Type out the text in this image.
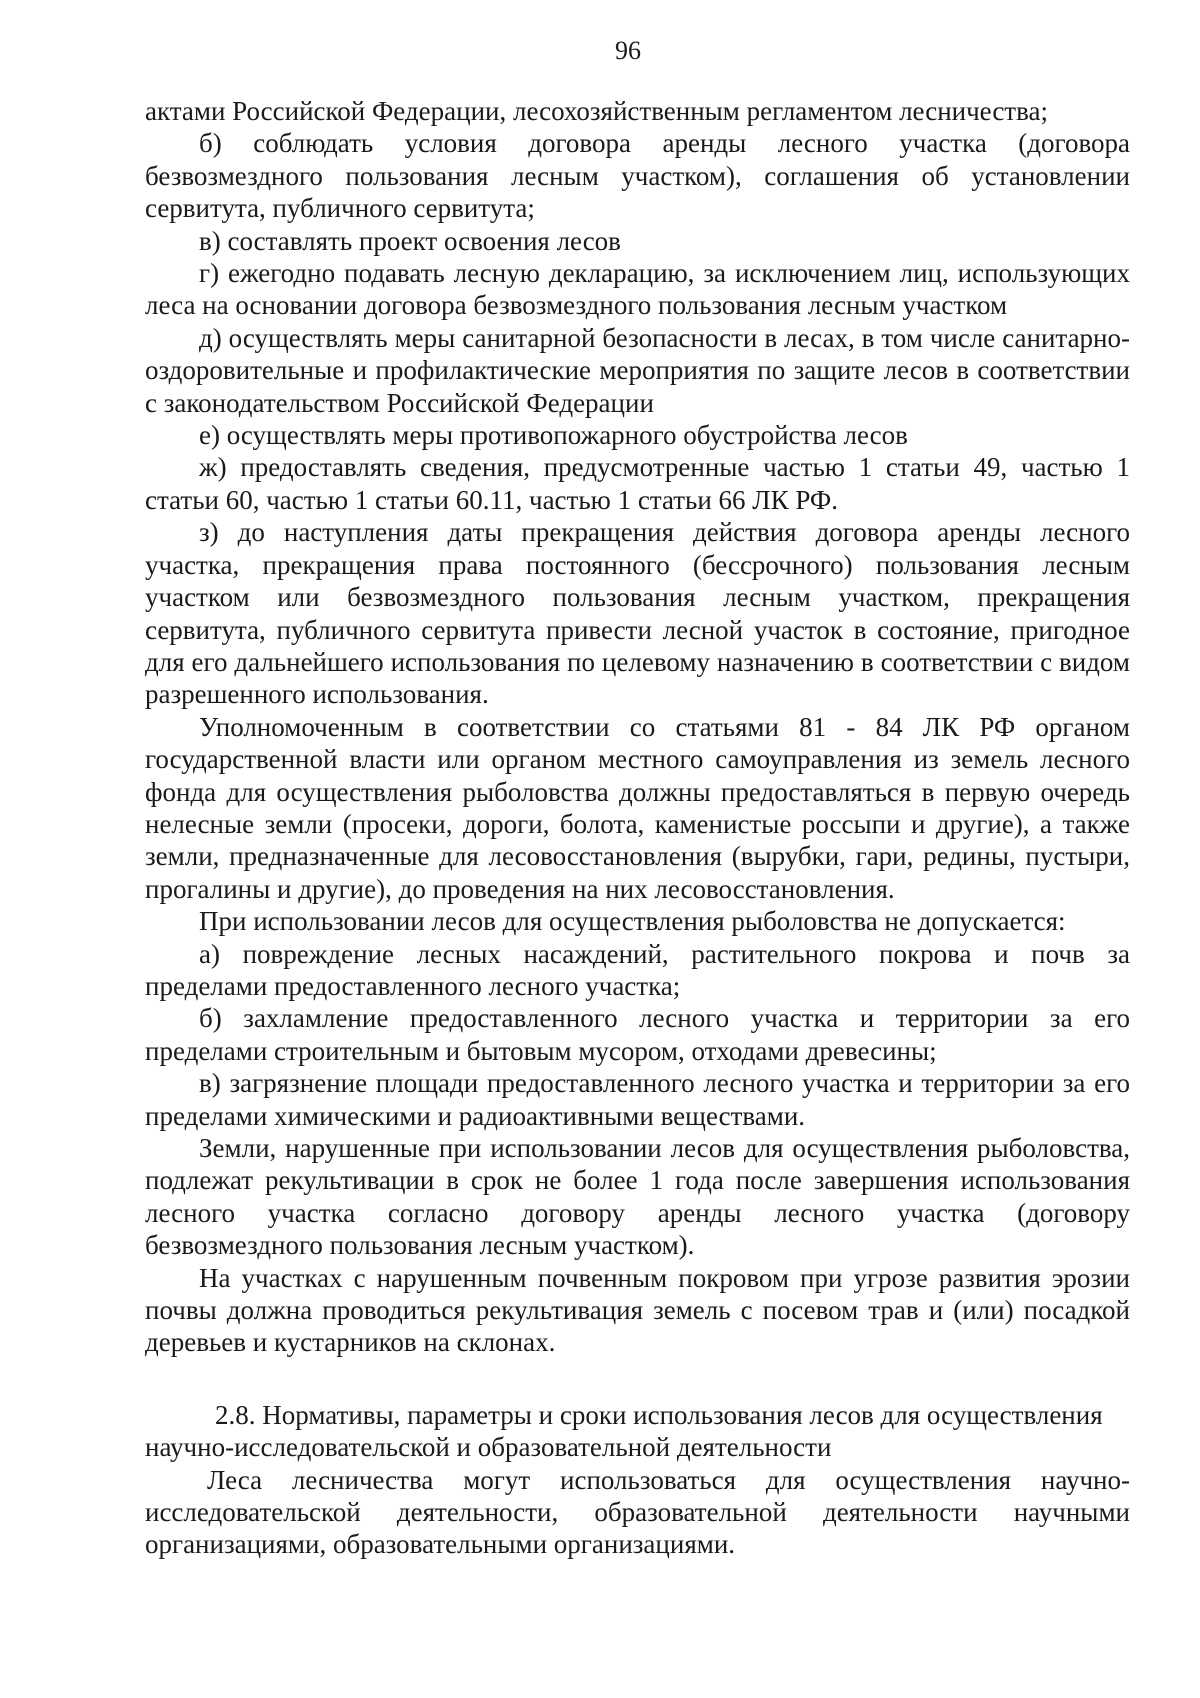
96

актами Российской Федерации, лесохозяйственным регламентом лесничества;

б) соблюдать условия договора аренды лесного участка (договора безвозмездного пользования лесным участком), соглашения об установлении сервитута, публичного сервитута;

в) составлять проект освоения лесов

г) ежегодно подавать лесную декларацию, за исключением лиц, использующих леса на основании договора безвозмездного пользования лесным участком

д) осуществлять меры санитарной безопасности в лесах, в том числе санитарно-оздоровительные и профилактические мероприятия по защите лесов в соответствии с законодательством Российской Федерации

е) осуществлять меры противопожарного обустройства лесов

ж) предоставлять сведения, предусмотренные частью 1 статьи 49, частью 1 статьи 60, частью 1 статьи 60.11, частью 1 статьи 66 ЛК РФ.

з) до наступления даты прекращения действия договора аренды лесного участка, прекращения права постоянного (бессрочного) пользования лесным участком или безвозмездного пользования лесным участком, прекращения сервитута, публичного сервитута привести лесной участок в состояние, пригодное для его дальнейшего использования по целевому назначению в соответствии с видом разрешенного использования.

Уполномоченным в соответствии со статьями 81 - 84 ЛК РФ органом государственной власти или органом местного самоуправления из земель лесного фонда для осуществления рыболовства должны предоставляться в первую очередь нелесные земли (просеки, дороги, болота, каменистые россыпи и другие), а также земли, предназначенные для лесовосстановления (вырубки, гари, редины, пустыри, прогалины и другие), до проведения на них лесовосстановления.

При использовании лесов для осуществления рыболовства не допускается:

а) повреждение лесных насаждений, растительного покрова и почв за пределами предоставленного лесного участка;

б) захламление предоставленного лесного участка и территории за его пределами строительным и бытовым мусором, отходами древесины;

в) загрязнение площади предоставленного лесного участка и территории за его пределами химическими и радиоактивными веществами.

Земли, нарушенные при использовании лесов для осуществления рыболовства, подлежат рекультивации в срок не более 1 года после завершения использования лесного участка согласно договору аренды лесного участка (договору безвозмездного пользования лесным участком).

На участках с нарушенным почвенным покровом при угрозе развития эрозии почвы должна проводиться рекультивация земель с посевом трав и (или) посадкой деревьев и кустарников на склонах.

2.8. Нормативы, параметры и сроки использования лесов для осуществления научно-исследовательской и образовательной деятельности

Леса лесничества могут использоваться для осуществления научно-исследовательской деятельности, образовательной деятельности научными организациями, образовательными организациями.
